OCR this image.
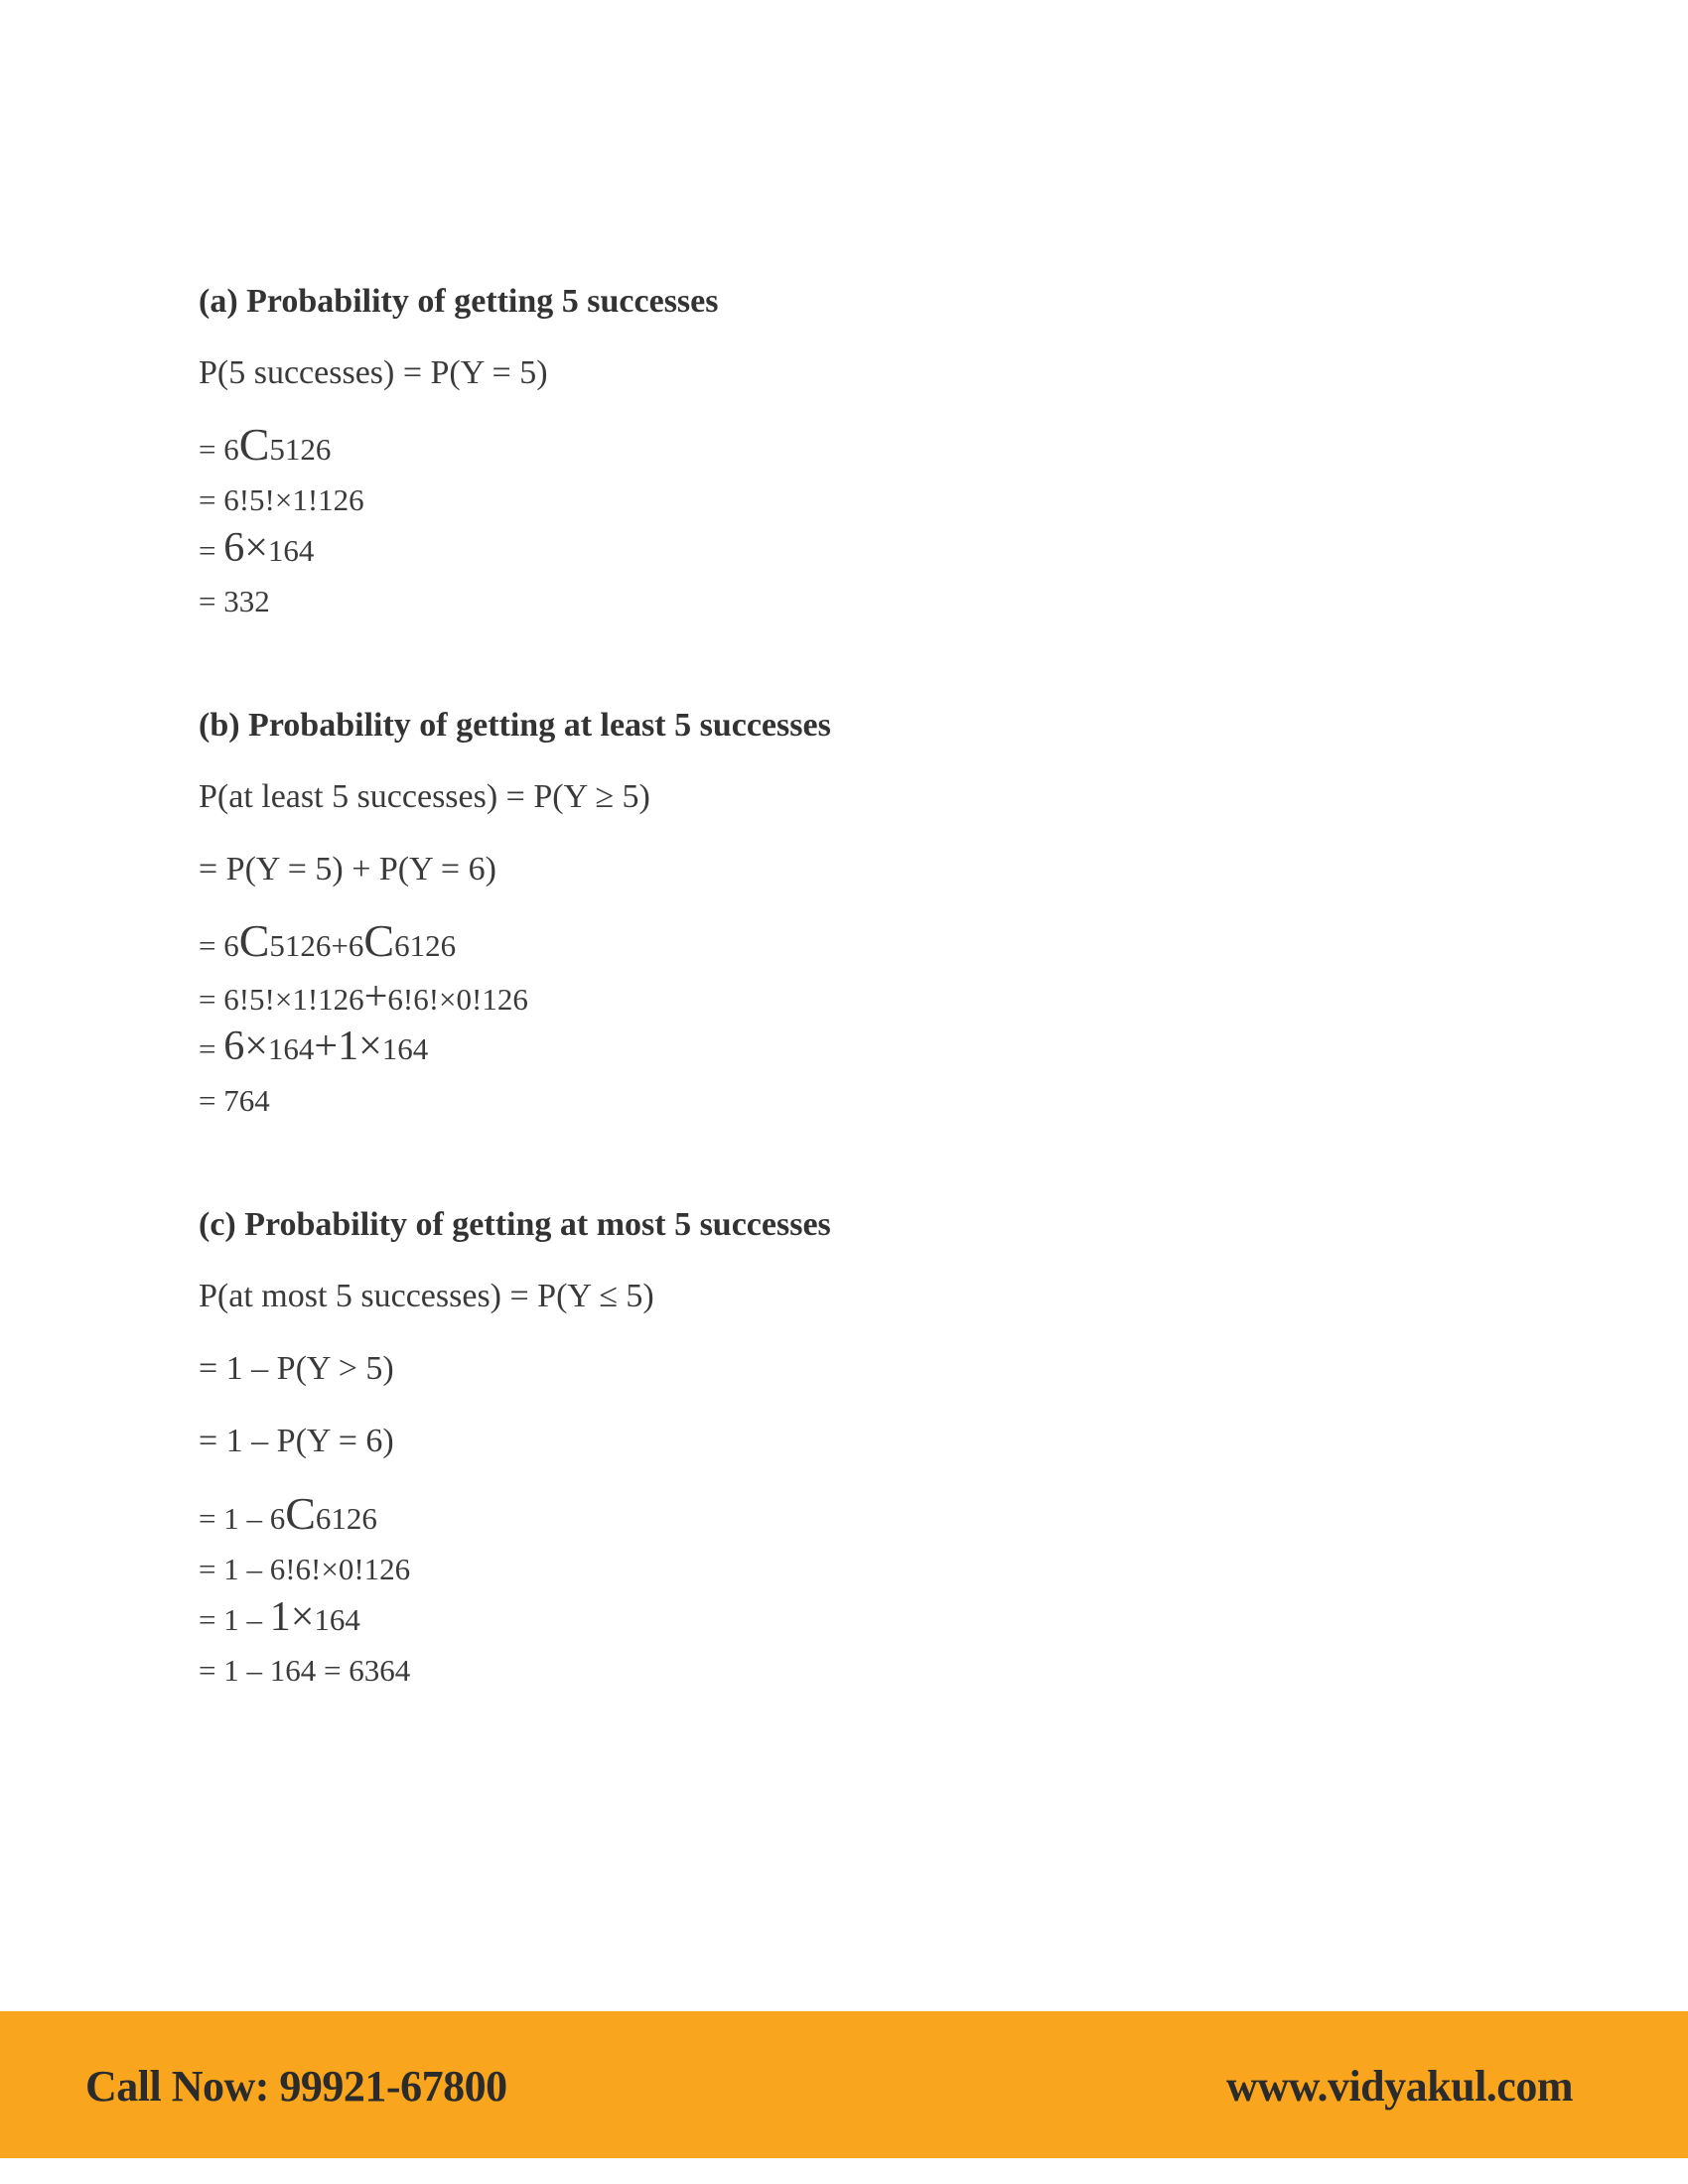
(a) Probability of getting 5 successes
P(5 successes) = P(Y = 5)
= 6C5126
= 6!5!×1!126
= 6×164
= 332
(b) Probability of getting at least 5 successes
P(at least 5 successes) = P(Y ≥ 5)
= P(Y = 5) + P(Y = 6)
= 6C5126+6C6126
= 6!5!×1!126+6!6!×0!126
= 6×164+1×164
= 764
(c) Probability of getting at most 5 successes
P(at most 5 successes) = P(Y ≤ 5)
= 1 – P(Y > 5)
= 1 – P(Y = 6)
= 1 – 6C6126
= 1 – 6!6!×0!126
= 1 – 1×164
= 1 – 164 = 6364
Call Now: 99921-67800	www.vidyakul.com
